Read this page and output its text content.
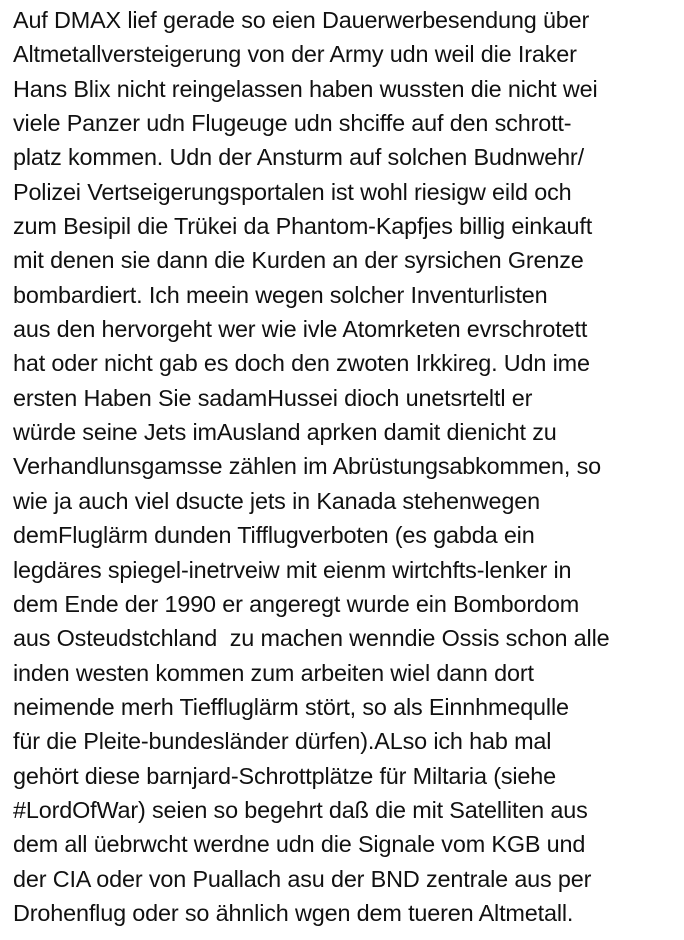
Auf DMAX lief gerade so eien Dauerwerbesendung über
Altmetallversteigerung von der Army udn weil die Iraker
Hans Blix nicht reingelassen haben wussten die nicht wei
viele Panzer udn Flugeuge udn shciffe auf den schrott-
platz kommen. Udn der Ansturm auf solchen Budnwehr/
Polizei Vertseigerungsportalen ist wohl riesigw eild och
zum Besipil die Trükei da Phantom-Kapfjes billig einkauft
mit denen sie dann die Kurden an der syrsichen Grenze
bombardiert. Ich meein wegen solcher Inventurlisten
aus den hervorgeht wer wie ivle Atomrketen evrschrotett
hat oder nicht gab es doch den zwoten Irkkireg. Udn ime
ersten Haben Sie sadamHussei dioch unetsrteltl er
würde seine Jets imAusland aprken damit dienicht zu
Verhandlunsgamsse zählen im Abrüstungsabkommen, so
wie ja auch viel dsucte jets in Kanada stehenwegen
demFluglärm dunden Tifflugverboten (es gabda ein
legdäres spiegel-inetrveiw mit eienm wirtchfts-lenker in
dem Ende der 1990 er angeregt wurde ein Bombordom
aus Osteudstchland  zu machen wenndie Ossis schon alle
inden westen kommen zum arbeiten wiel dann dort
neimende merh Tieffluglärm stört, so als Einnhmequlle
für die Pleite-bundesländer dürfen).ALso ich hab mal
gehört diese barnjard-Schrottplätze für Miltaria (siehe
#LordOfWar) seien so begehrt daß die mit Satelliten aus
dem all üebrwcht werdne udn die Signale vom KGB und
der CIA oder von Puallach asu der BND zentrale aus per
Drohenflug oder so ähnlich wgen dem tueren Altmetall.
